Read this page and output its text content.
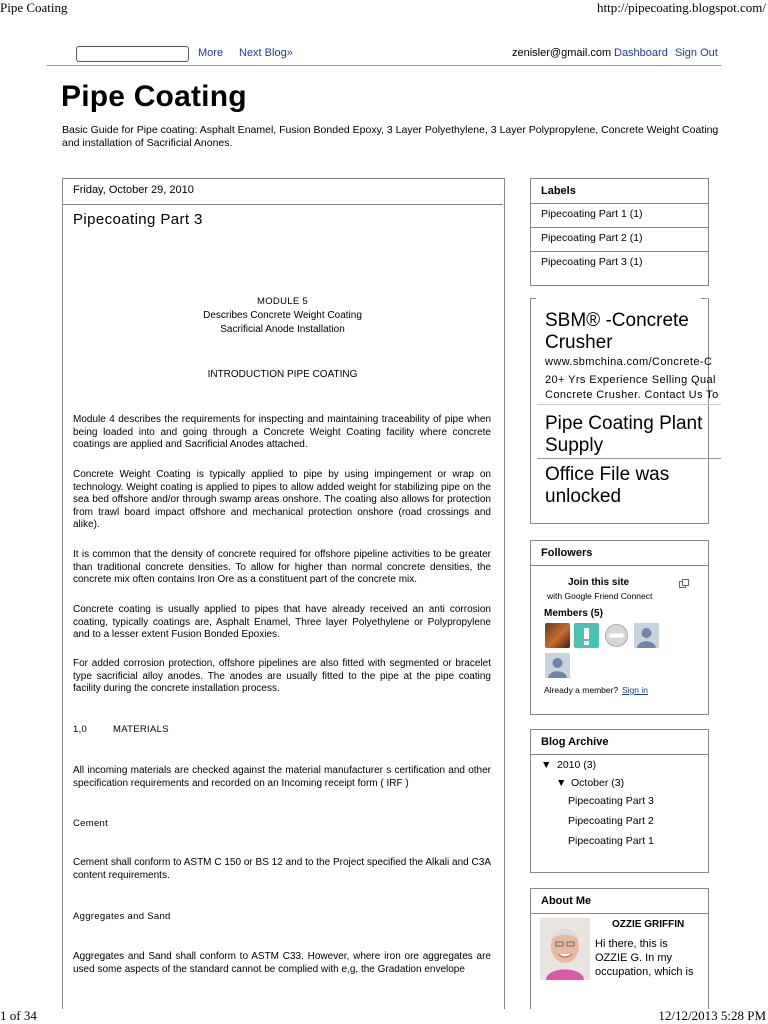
Pipe Coating	http://pipecoating.blogspot.com/
More Next Blog»	zenisler@gmail.com Dashboard Sign Out
Pipe Coating
Basic Guide for Pipe coating: Asphalt Enamel, Fusion Bonded Epoxy, 3 Layer Polyethylene, 3 Layer Polypropylene, Concrete Weight Coating and installation of Sacrificial Anones.
Friday, October 29, 2010
Pipecoating Part 3
MODULE 5
Describes Concrete Weight Coating
Sacrificial Anode Installation
INTRODUCTION PIPE COATING
Module 4 describes the requirements for inspecting and maintaining traceability of pipe when being loaded into and going through a Concrete Weight Coating facility where concrete coatings are applied and Sacrificial Anodes attached.
Concrete Weight Coating is typically applied to pipe by using impingement or wrap on technology. Weight coating is applied to pipes to allow added weight for stabilizing pipe on the sea bed offshore and/or through swamp areas onshore. The coating also allows for protection from trawl board impact offshore and mechanical protection onshore (road crossings and alike).
It is common that the density of concrete required for offshore pipeline activities to be greater than traditional concrete densities. To allow for higher than normal concrete densities, the concrete mix often contains Iron Ore as a constituent part of the concrete mix.
Concrete coating is usually applied to pipes that have already received an anti corrosion coating, typically coatings are, Asphalt Enamel, Three layer Polyethylene or Polypropylene and to a lesser extent Fusion Bonded Epoxies.
For added corrosion protection, offshore pipelines are also fitted with segmented or bracelet type sacrificial alloy anodes. The anodes are usually fitted to the pipe at the pipe coating facility during the concrete installation process.
1,0	MATERIALS
All incoming materials are checked against the material manufacturer s certification and other specification requirements and recorded on an Incoming receipt form ( IRF )
Cement
Cement shall conform to ASTM C 150 or BS 12 and to the Project specified the Alkali and C3A content requirements.
Aggregates and Sand
Aggregates and Sand shall conform to ASTM C33. However, where iron ore aggregates are used some aspects of the standard cannot be complied with e,g, the Gradation envelope
Labels
Pipecoating Part 1 (1)
Pipecoating Part 2 (1)
Pipecoating Part 3 (1)
SBM® -Concrete
Crusher
www.sbmchina.com/Concrete-C
20+ Yrs Experience Selling Qual
Concrete Crusher. Contact Us To
Pipe Coating Plant
Supply
Office File was
unlocked
Followers
Join this site
with Google Friend Connect
Members (5)
Already a member? Sign in
Blog Archive
▼ 2010 (3)
▼ October (3)
Pipecoating Part 3
Pipecoating Part 2
Pipecoating Part 1
About Me
OZZIE GRIFFIN
Hi there, this is
OZZIE G. In my
occupation, which is
1 of 34	12/12/2013 5:28 PM
